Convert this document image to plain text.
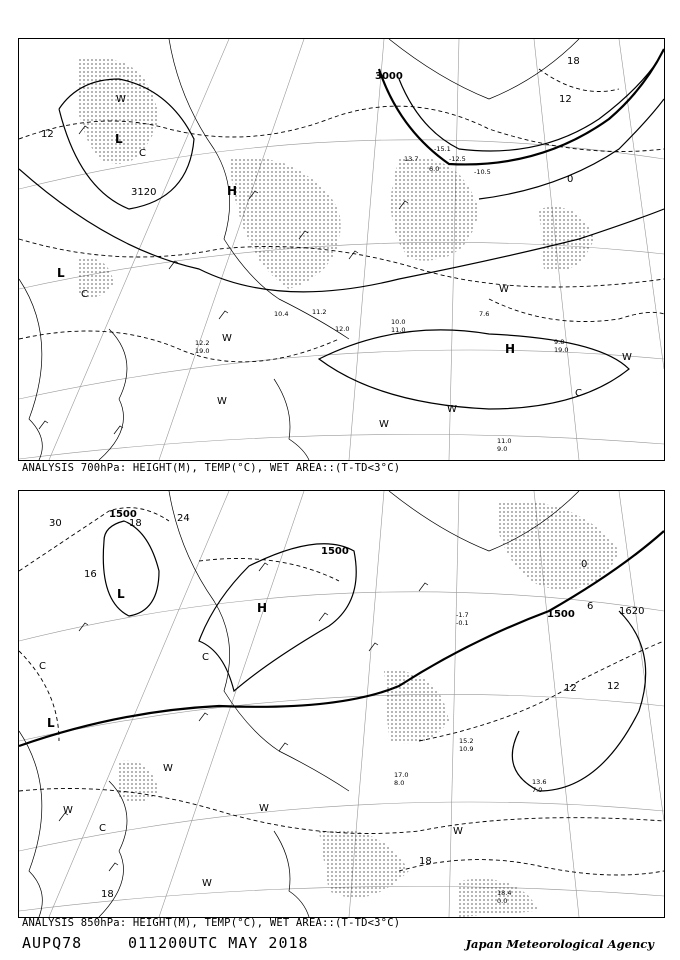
13.7
-15.1
6.0
-12.5
-10.5
9.8
19.0
11.0
9.0
7.6
10.0
11.0
12.2
19.0
10.4
12.0
11.2
3000
3120
12
12
18
0
L
L
H
H
C
C
C
W
W
W
W
W
W
W
ANALYSIS 700hPa: HEIGHT(M), TEMP(°C), WET AREA::(T-TD<3°C)
13.6
7.0
15.2
10.9
17.0
8.0
18.4
0.0
-1.7
-0.1
1500
1500
1620
1500
18
12
12
16
18
30	24
0
6
18
L
L
H
C
C
C
W
W
W
W
W
ANALYSIS 850hPa: HEIGHT(M), TEMP(°C), WET AREA::(T-TD<3°C)
AUPQ78	011200UTC MAY 2018	Japan Meteorological Agency
